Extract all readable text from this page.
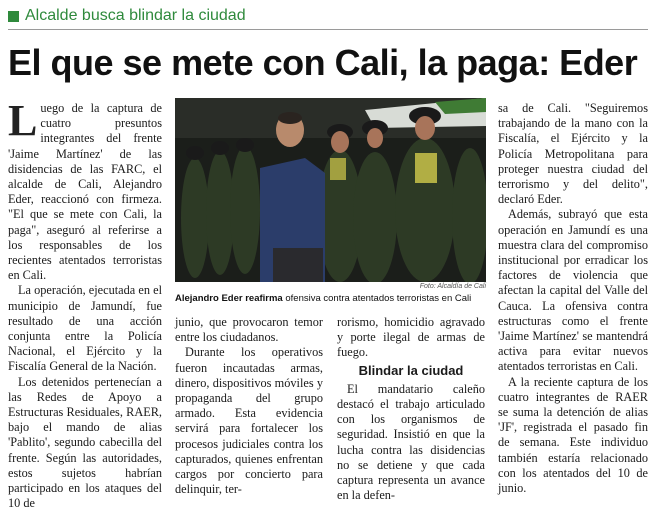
Alcalde busca blindar la ciudad
El que se mete con Cali, la paga: Eder

Luego de la captura de cuatro presuntos integrantes del frente 'Jaime Martínez' de las disidencias de las FARC, el alcalde de Cali, Alejandro Eder, reaccionó con firmeza. "El que se mete con Cali, la paga", aseguró al referirse a los responsables de los recientes atentados terroristas en Cali.

La operación, ejecutada en el municipio de Jamundí, fue resultado de una acción conjunta entre la Policía Nacional, el Ejército y la Fiscalía General de la Nación.

Los detenidos pertenecían a las Redes de Apoyo a Estructuras Residuales, RAER, bajo el mando de alias 'Pablito', segundo cabecilla del frente. Según las autoridades, estos sujetos habrían participado en los ataques del 10 de

Foto: Alcaldía de Cali
Alejandro Eder reafirma ofensiva contra atentados terroristas en Cali

junio, que provocaron temor entre los ciudadanos.

Durante los operativos fueron incautadas armas, dinero, dispositivos móviles y propaganda del grupo armado. Esta evidencia servirá para fortalecer los procesos judiciales contra los capturados, quienes enfrentan cargos por concierto para delinquir, ter-

rorismo, homicidio agravado y porte ilegal de armas de fuego.

Blindar la ciudad

El mandatario caleño destacó el trabajo articulado con los organismos de seguridad. Insistió en que la lucha contra las disidencias no se detiene y que cada captura representa un avance en la defen-

sa de Cali. "Seguiremos trabajando de la mano con la Fiscalía, el Ejército y la Policía Metropolitana para proteger nuestra ciudad del terrorismo y del delito", declaró Eder.

Además, subrayó que esta operación en Jamundí es una muestra clara del compromiso institucional por erradicar los factores de violencia que afectan la capital del Valle del Cauca. La ofensiva contra estructuras como el frente 'Jaime Martínez' se mantendrá activa para evitar nuevos atentados terroristas en Cali.

A la reciente captura de los cuatro integrantes de RAER se suma la detención de alias 'JF', registrada el pasado fin de semana. Este individuo también estaría relacionado con los atentados del 10 de junio.
